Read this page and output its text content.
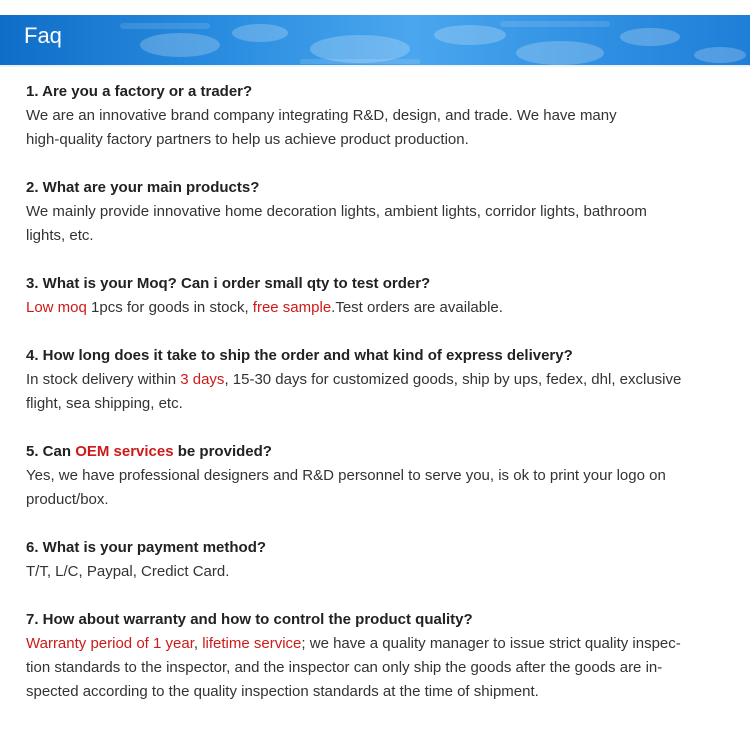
Faq
1. Are you a factory or a trader?
We are an innovative brand company integrating R&D, design, and trade. We have many
high-quality factory partners to help us achieve product production.
2. What are your main products?
We mainly provide innovative home decoration lights, ambient lights, corridor lights, bathroom
lights, etc.
3. What is your Moq? Can i order small qty to test order?
Low moq 1pcs for goods in stock, free sample.Test orders are available.
4. How long does it take to ship the order and what kind of express delivery?
In stock delivery within 3 days, 15-30 days for customized goods, ship by ups, fedex, dhl, exclusive
flight, sea shipping, etc.
5. Can OEM services be provided?
Yes, we have professional designers and R&D personnel to serve you, is ok to print your logo on
product/box.
6. What is your payment method?
T/T, L/C, Paypal, Credict Card.
7. How about warranty and how to control the product quality?
Warranty period of 1 year, lifetime service; we have a quality manager to issue strict quality inspec-
tion standards to the inspector, and the inspector can only ship the goods after the goods are in-
spected according to the quality inspection standards at the time of shipment.
